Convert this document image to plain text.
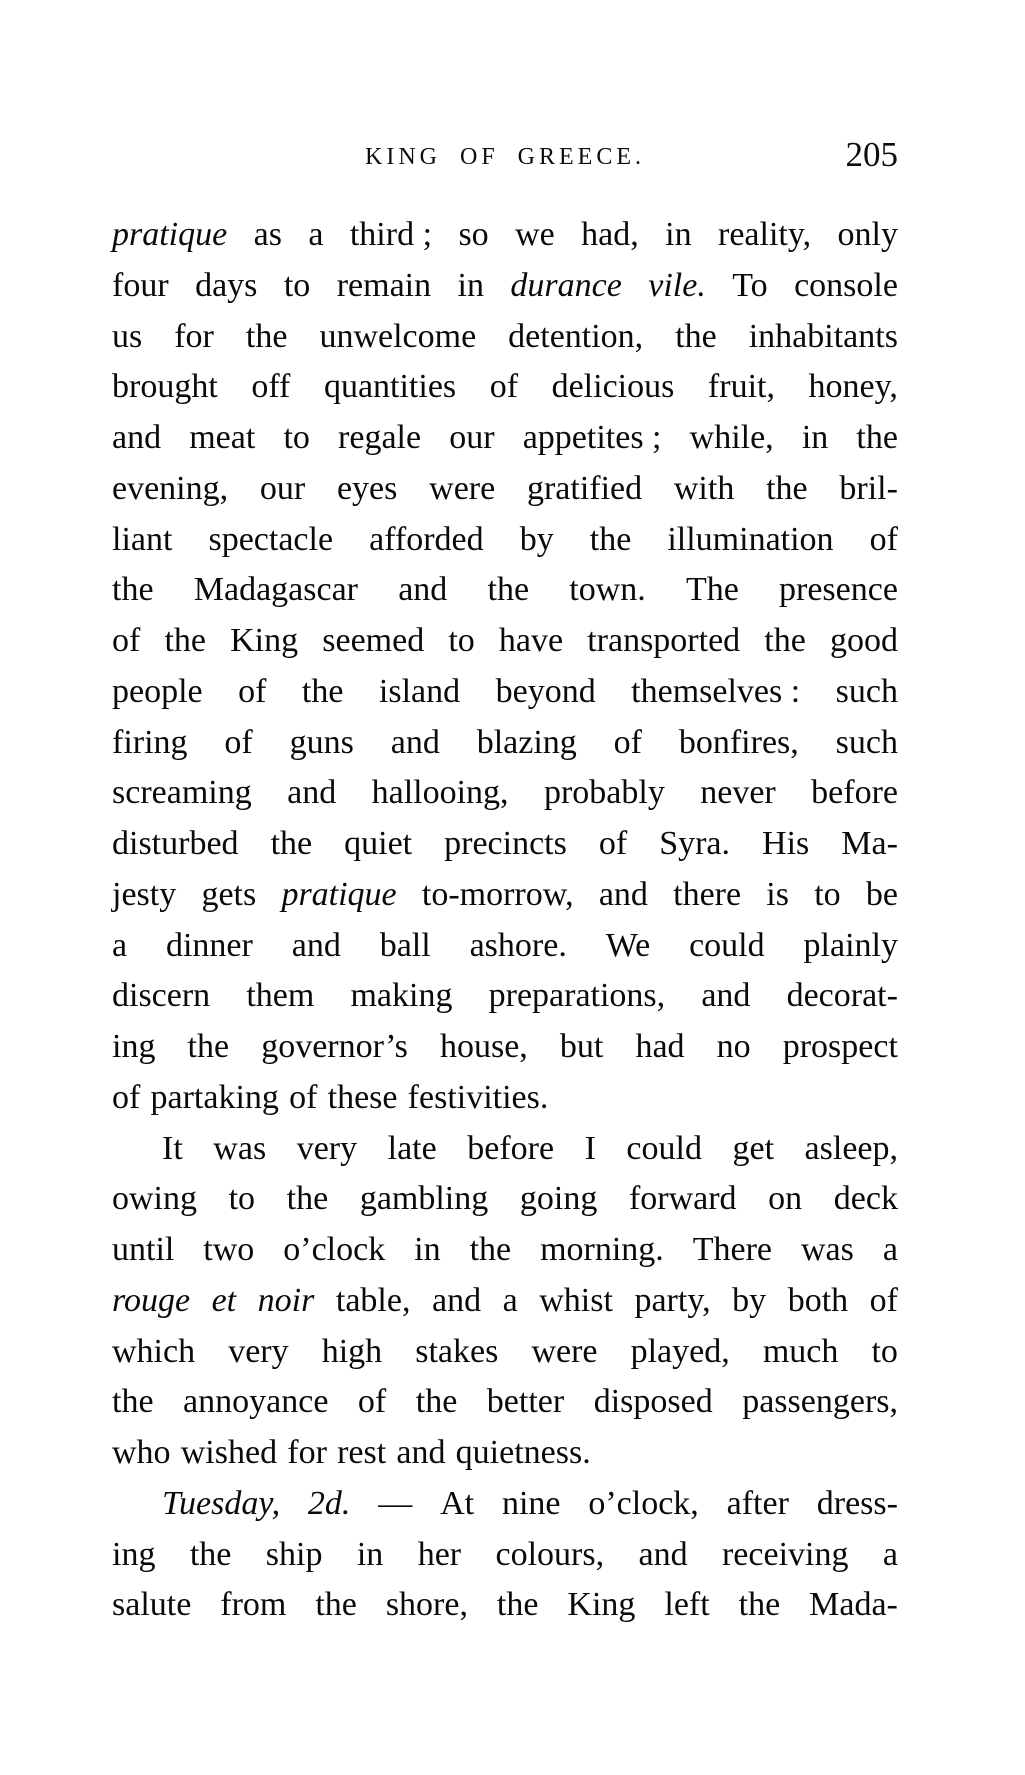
KING OF GREECE.	205
pratique as a third ; so we had, in reality, only
four days to remain in durance vile. To console
us for the unwelcome detention, the inhabitants
brought off quantities of delicious fruit, honey,
and meat to regale our appetites ; while, in the
evening, our eyes were gratified with the bril-
liant spectacle afforded by the illumination of
the Madagascar and the town. The presence
of the King seemed to have transported the good
people of the island beyond themselves : such
firing of guns and blazing of bonfires, such
screaming and hallooing, probably never before
disturbed the quiet precincts of Syra. His Ma-
jesty gets pratique to-morrow, and there is to be
a dinner and ball ashore. We could plainly
discern them making preparations, and decorat-
ing the governor’s house, but had no prospect
of partaking of these festivities.
It was very late before I could get asleep,
owing to the gambling going forward on deck
until two o’clock in the morning. There was a
rouge et noir table, and a whist party, by both of
which very high stakes were played, much to
the annoyance of the better disposed passengers,
who wished for rest and quietness.
Tuesday, 2d. — At nine o’clock, after dress-
ing the ship in her colours, and receiving a
salute from the shore, the King left the Mada-
